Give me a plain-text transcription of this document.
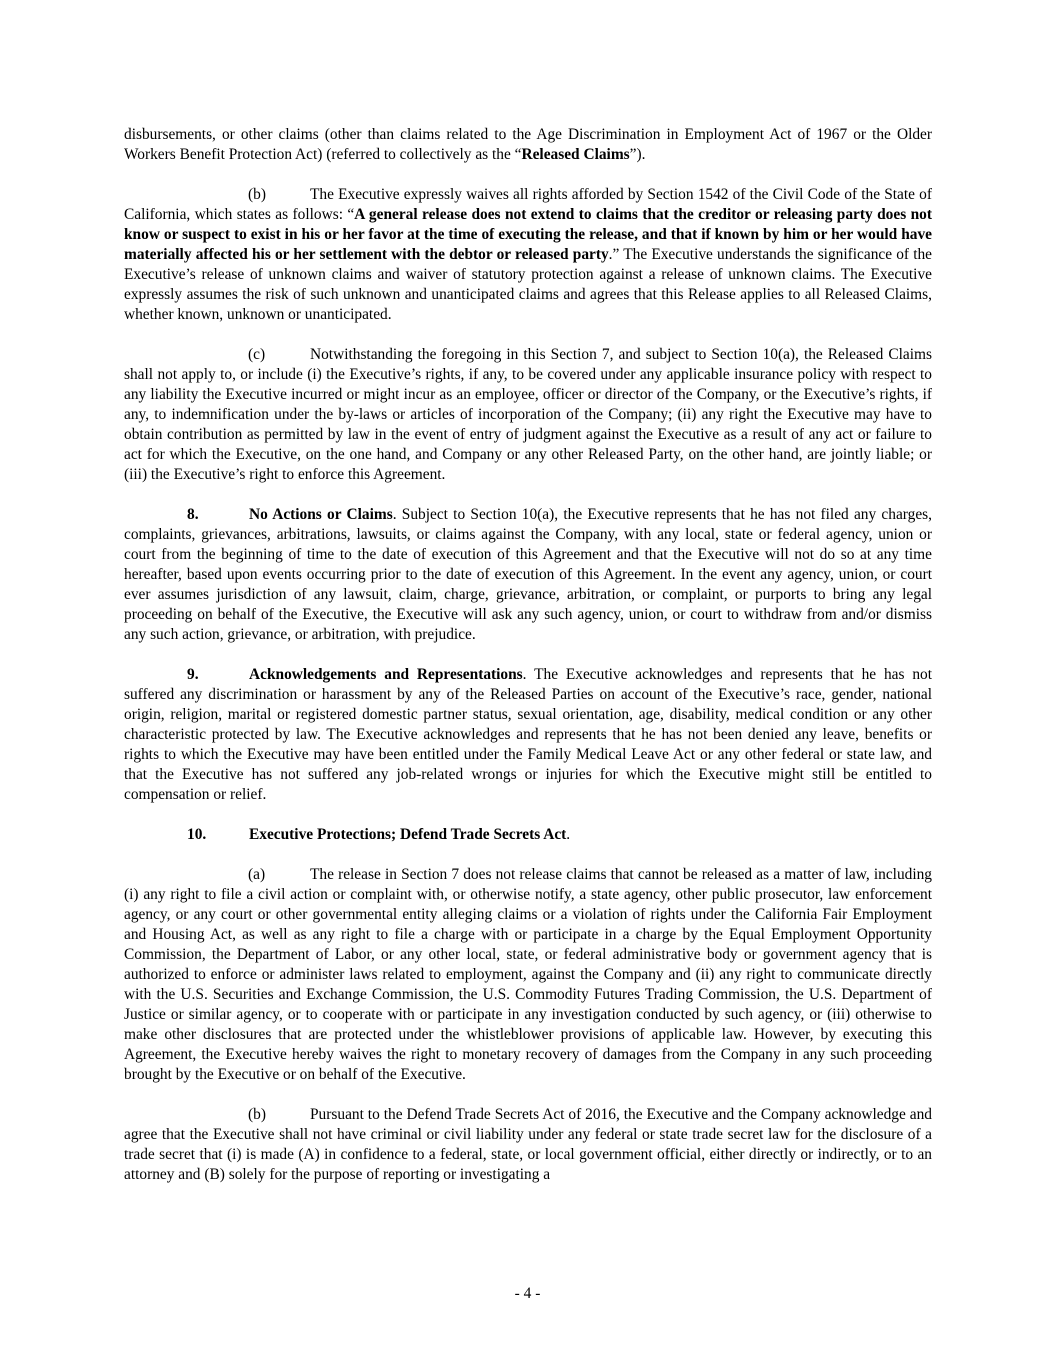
disbursements, or other claims (other than claims related to the Age Discrimination in Employment Act of 1967 or the Older Workers Benefit Protection Act) (referred to collectively as the “Released Claims”).

(b)	The Executive expressly waives all rights afforded by Section 1542 of the Civil Code of the State of California, which states as follows: “A general release does not extend to claims that the creditor or releasing party does not know or suspect to exist in his or her favor at the time of executing the release, and that if known by him or her would have materially affected his or her settlement with the debtor or released party.” The Executive understands the significance of the Executive’s release of unknown claims and waiver of statutory protection against a release of unknown claims. The Executive expressly assumes the risk of such unknown and unanticipated claims and agrees that this Release applies to all Released Claims, whether known, unknown or unanticipated.

(c)	Notwithstanding the foregoing in this Section 7, and subject to Section 10(a), the Released Claims shall not apply to, or include (i) the Executive’s rights, if any, to be covered under any applicable insurance policy with respect to any liability the Executive incurred or might incur as an employee, officer or director of the Company, or the Executive’s rights, if any, to indemnification under the by-laws or articles of incorporation of the Company; (ii) any right the Executive may have to obtain contribution as permitted by law in the event of entry of judgment against the Executive as a result of any act or failure to act for which the Executive, on the one hand, and Company or any other Released Party, on the other hand, are jointly liable; or (iii) the Executive’s right to enforce this Agreement.

8.	No Actions or Claims. Subject to Section 10(a), the Executive represents that he has not filed any charges, complaints, grievances, arbitrations, lawsuits, or claims against the Company, with any local, state or federal agency, union or court from the beginning of time to the date of execution of this Agreement and that the Executive will not do so at any time hereafter, based upon events occurring prior to the date of execution of this Agreement. In the event any agency, union, or court ever assumes jurisdiction of any lawsuit, claim, charge, grievance, arbitration, or complaint, or purports to bring any legal proceeding on behalf of the Executive, the Executive will ask any such agency, union, or court to withdraw from and/or dismiss any such action, grievance, or arbitration, with prejudice.

9.	Acknowledgements and Representations. The Executive acknowledges and represents that he has not suffered any discrimination or harassment by any of the Released Parties on account of the Executive’s race, gender, national origin, religion, marital or registered domestic partner status, sexual orientation, age, disability, medical condition or any other characteristic protected by law. The Executive acknowledges and represents that he has not been denied any leave, benefits or rights to which the Executive may have been entitled under the Family Medical Leave Act or any other federal or state law, and that the Executive has not suffered any job-related wrongs or injuries for which the Executive might still be entitled to compensation or relief.

10.	Executive Protections; Defend Trade Secrets Act.

(a)	The release in Section 7 does not release claims that cannot be released as a matter of law, including (i) any right to file a civil action or complaint with, or otherwise notify, a state agency, other public prosecutor, law enforcement agency, or any court or other governmental entity alleging claims or a violation of rights under the California Fair Employment and Housing Act, as well as any right to file a charge with or participate in a charge by the Equal Employment Opportunity Commission, the Department of Labor, or any other local, state, or federal administrative body or government agency that is authorized to enforce or administer laws related to employment, against the Company and (ii) any right to communicate directly with the U.S. Securities and Exchange Commission, the U.S. Commodity Futures Trading Commission, the U.S. Department of Justice or similar agency, or to cooperate with or participate in any investigation conducted by such agency, or (iii) otherwise to make other disclosures that are protected under the whistleblower provisions of applicable law. However, by executing this Agreement, the Executive hereby waives the right to monetary recovery of damages from the Company in any such proceeding brought by the Executive or on behalf of the Executive.

(b)	Pursuant to the Defend Trade Secrets Act of 2016, the Executive and the Company acknowledge and agree that the Executive shall not have criminal or civil liability under any federal or state trade secret law for the disclosure of a trade secret that (i) is made (A) in confidence to a federal, state, or local government official, either directly or indirectly, or to an attorney and (B) solely for the purpose of reporting or investigating a

- 4 -
